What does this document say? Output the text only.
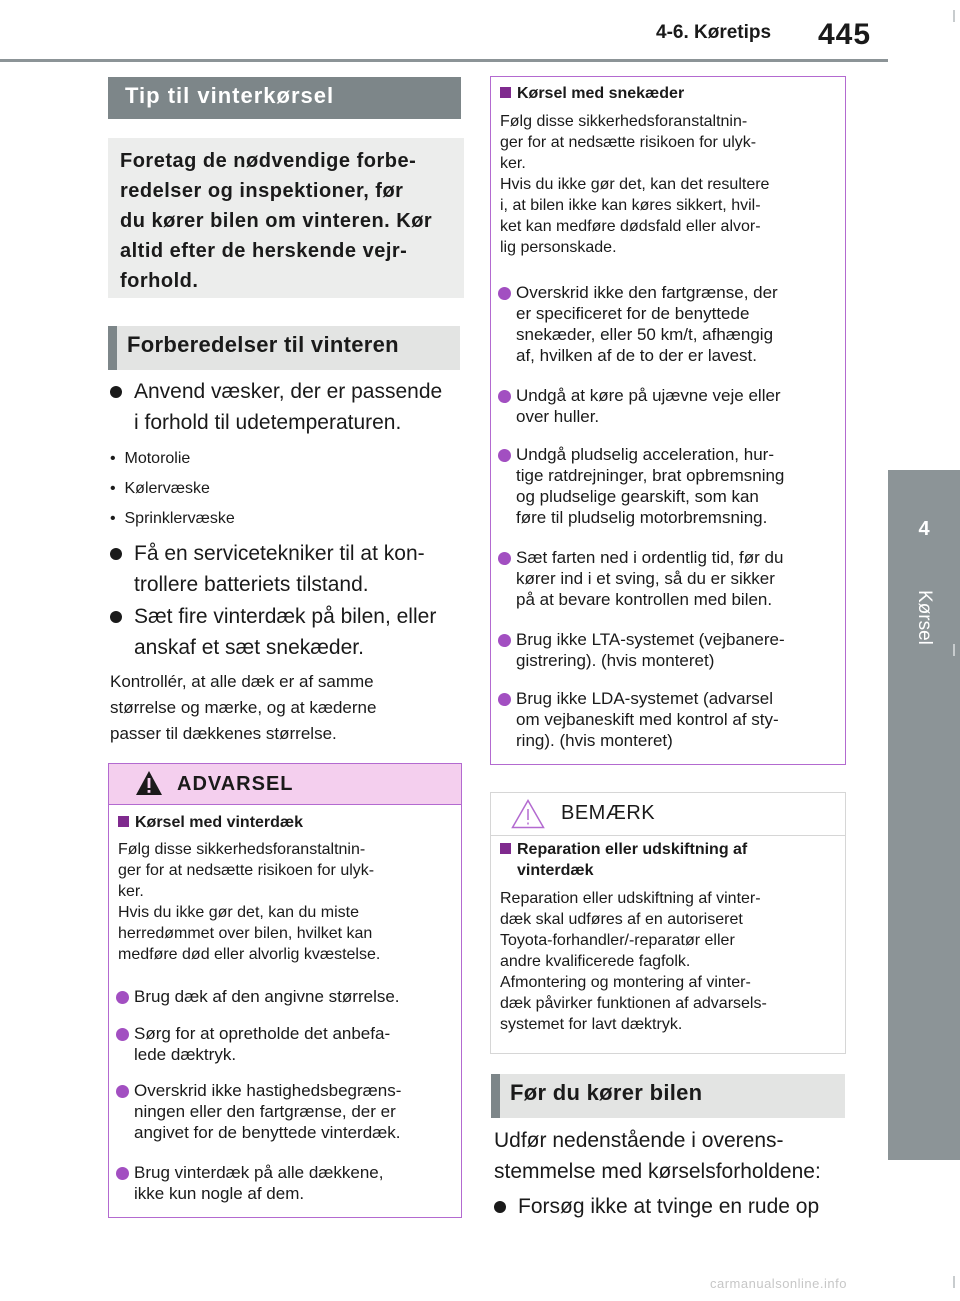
4-6. Køretips 445
4
Kørsel
Tip til vinterkørsel
Foretag de nødvendige forbe-
redelser og inspektioner, før
du kører bilen om vinteren. Kør
altid efter de herskende vejr-
forhold.
Forberedelser til vinteren
Anvend væsker, der er passende
i forhold til udetemperaturen.
•  Motorolie
•  Kølervæske
•  Sprinklervæske
Få en servicetekniker til at kon-
trollere batteriets tilstand.
Sæt fire vinterdæk på bilen, eller
anskaf et sæt snekæder.
Kontrollér, at alle dæk er af samme
størrelse og mærke, og at kæderne
passer til dækkenes størrelse.
ADVARSEL
Kørsel med vinterdæk
Følg disse sikkerhedsforanstaltnin-
ger for at nedsætte risikoen for ulyk-
ker.
Hvis du ikke gør det, kan du miste
herredømmet over bilen, hvilket kan
medføre død eller alvorlig kvæstelse.
Brug dæk af den angivne størrelse.
Sørg for at opretholde det anbefa-
lede dæktryk.
Overskrid ikke hastighedsbegræns-
ningen eller den fartgrænse, der er
angivet for de benyttede vinterdæk.
Brug vinterdæk på alle dækkene,
ikke kun nogle af dem.
Kørsel med snekæder
Følg disse sikkerhedsforanstaltnin-
ger for at nedsætte risikoen for ulyk-
ker.
Hvis du ikke gør det, kan det resultere
i, at bilen ikke kan køres sikkert, hvil-
ket kan medføre dødsfald eller alvor-
lig personskade.
Overskrid ikke den fartgrænse, der
er specificeret for de benyttede
snekæder, eller 50 km/t, afhængig
af, hvilken af de to der er lavest.
Undgå at køre på ujævne veje eller
over huller.
Undgå pludselig acceleration, hur-
tige ratdrejninger, brat opbremsning
og pludselige gearskift, som kan
føre til pludselig motorbremsning.
Sæt farten ned i ordentlig tid, før du
kører ind i et sving, så du er sikker
på at bevare kontrollen med bilen.
Brug ikke LTA-systemet (vejbanere-
gistrering). (hvis monteret)
Brug ikke LDA-systemet (advarsel
om vejbaneskift med kontrol af sty-
ring). (hvis monteret)
BEMÆRK
Reparation eller udskiftning af
vinterdæk
Reparation eller udskiftning af vinter-
dæk skal udføres af en autoriseret
Toyota-forhandler/-reparatør eller
andre kvalificerede fagfolk.
Afmontering og montering af vinter-
dæk påvirker funktionen af advarsels-
systemet for lavt dæktryk.
Før du kører bilen
Udfør nedenstående i overens-
stemmelse med kørselsforholdene:
Forsøg ikke at tvinge en rude op
carmanualsonline.info
